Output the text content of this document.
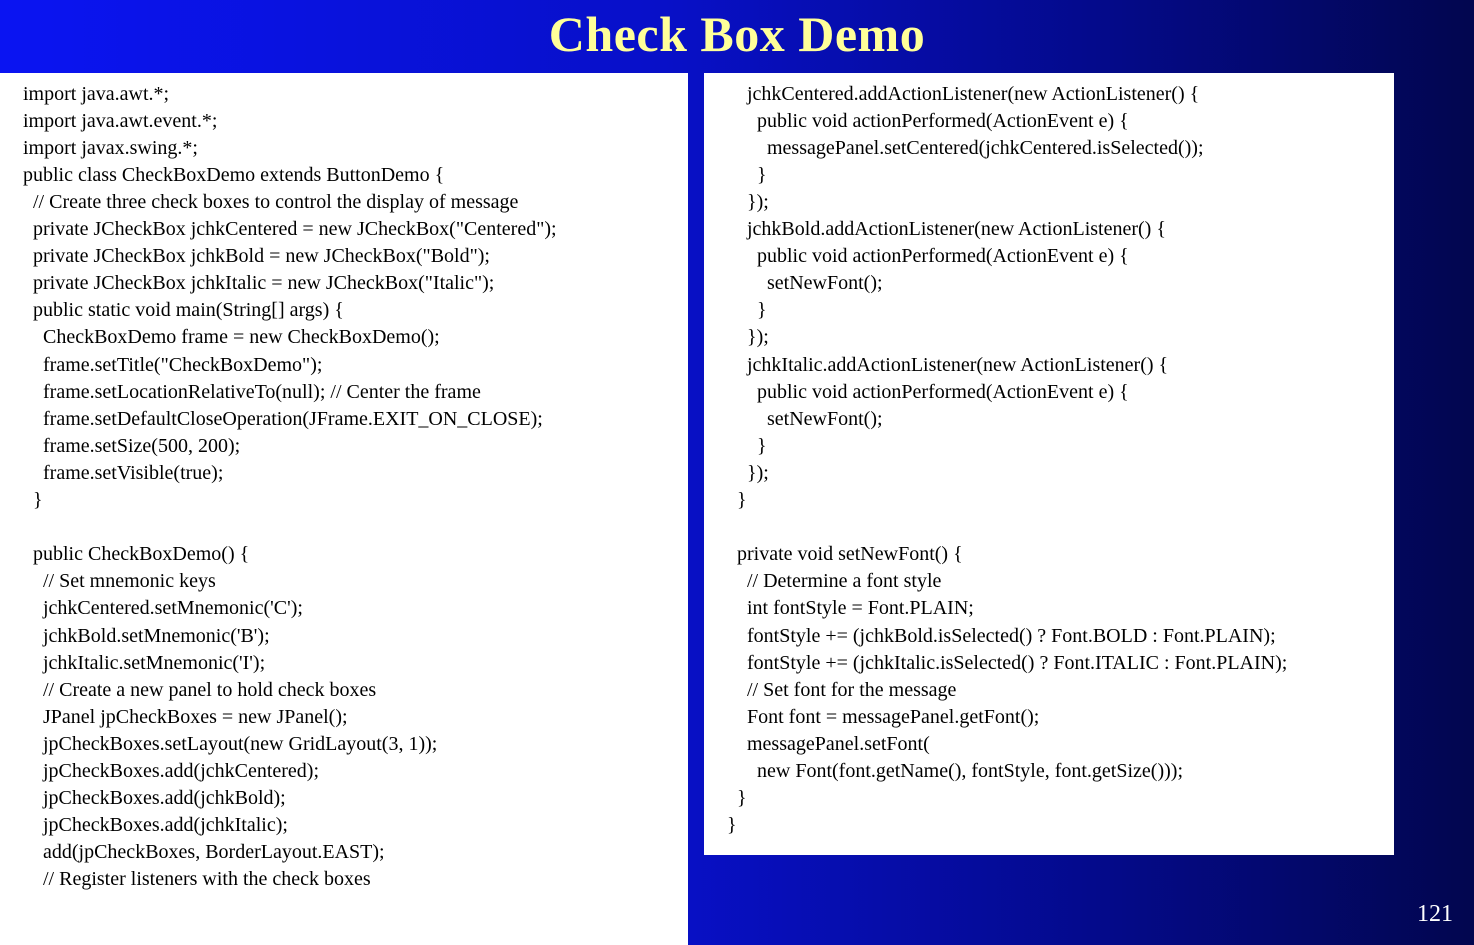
Check Box Demo
import java.awt.*;
import java.awt.event.*;
import javax.swing.*;
public class CheckBoxDemo extends ButtonDemo {
// Create three check boxes to control the display of message
private JCheckBox jchkCentered = new JCheckBox("Centered");
private JCheckBox jchkBold = new JCheckBox("Bold");
private JCheckBox jchkItalic = new JCheckBox("Italic");
public static void main(String[] args) {
CheckBoxDemo frame = new CheckBoxDemo();
frame.setTitle("CheckBoxDemo");
frame.setLocationRelativeTo(null); // Center the frame
frame.setDefaultCloseOperation(JFrame.EXIT_ON_CLOSE);
frame.setSize(500, 200);
frame.setVisible(true);
}
public CheckBoxDemo() {
// Set mnemonic keys
jchkCentered.setMnemonic('C');
jchkBold.setMnemonic('B');
jchkItalic.setMnemonic('I');
// Create a new panel to hold check boxes
JPanel jpCheckBoxes = new JPanel();
jpCheckBoxes.setLayout(new GridLayout(3, 1));
jpCheckBoxes.add(jchkCentered);
jpCheckBoxes.add(jchkBold);
jpCheckBoxes.add(jchkItalic);
add(jpCheckBoxes, BorderLayout.EAST);
// Register listeners with the check boxes
jchkCentered.addActionListener(new ActionListener() {
public void actionPerformed(ActionEvent e) {
messagePanel.setCentered(jchkCentered.isSelected());
}
});
jchkBold.addActionListener(new ActionListener() {
public void actionPerformed(ActionEvent e) {
setNewFont();
}
});
jchkItalic.addActionListener(new ActionListener() {
public void actionPerformed(ActionEvent e) {
setNewFont();
}
});
}
private void setNewFont() {
// Determine a font style
int fontStyle = Font.PLAIN;
fontStyle += (jchkBold.isSelected() ? Font.BOLD : Font.PLAIN);
fontStyle += (jchkItalic.isSelected() ? Font.ITALIC : Font.PLAIN);
// Set font for the message
Font font = messagePanel.getFont();
messagePanel.setFont(
new Font(font.getName(), fontStyle, font.getSize()));
}
}
121
